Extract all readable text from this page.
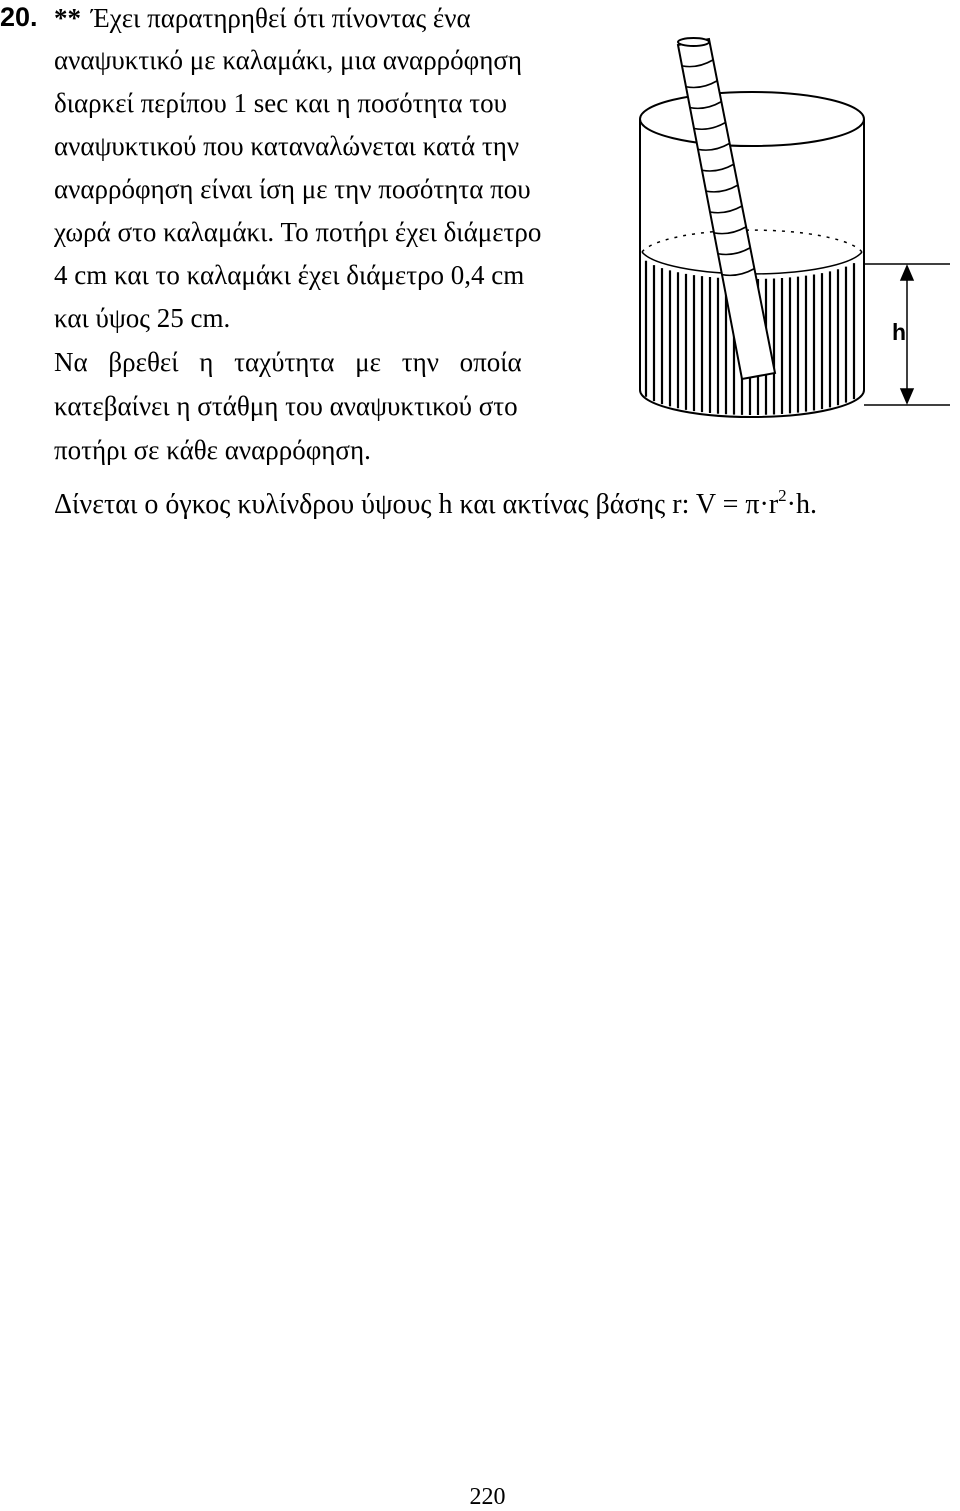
20. ** Έχει παρατηρηθεί ότι πίνοντας ένα
αναψυκτικό με καλαμάκι, μια αναρρόφηση
διαρκεί περίπου 1 sec και η ποσότητα του
αναψυκτικού που καταναλώνεται κατά την
αναρρόφηση είναι ίση με την ποσότητα που
χωρά στο καλαμάκι. Το ποτήρι έχει διάμετρο
4 cm και το καλαμάκι έχει διάμετρο 0,4 cm
και ύψος 25 cm.
Να βρεθεί η ταχύτητα με την οποία
κατεβαίνει η στάθμη του αναψυκτικού στο
ποτήρι σε κάθε αναρρόφηση.
Δίνεται ο όγκος κυλίνδρου ύψους h και ακτίνας βάσης r: $V = \pi\cdot r^2\cdot h$.
h
220
